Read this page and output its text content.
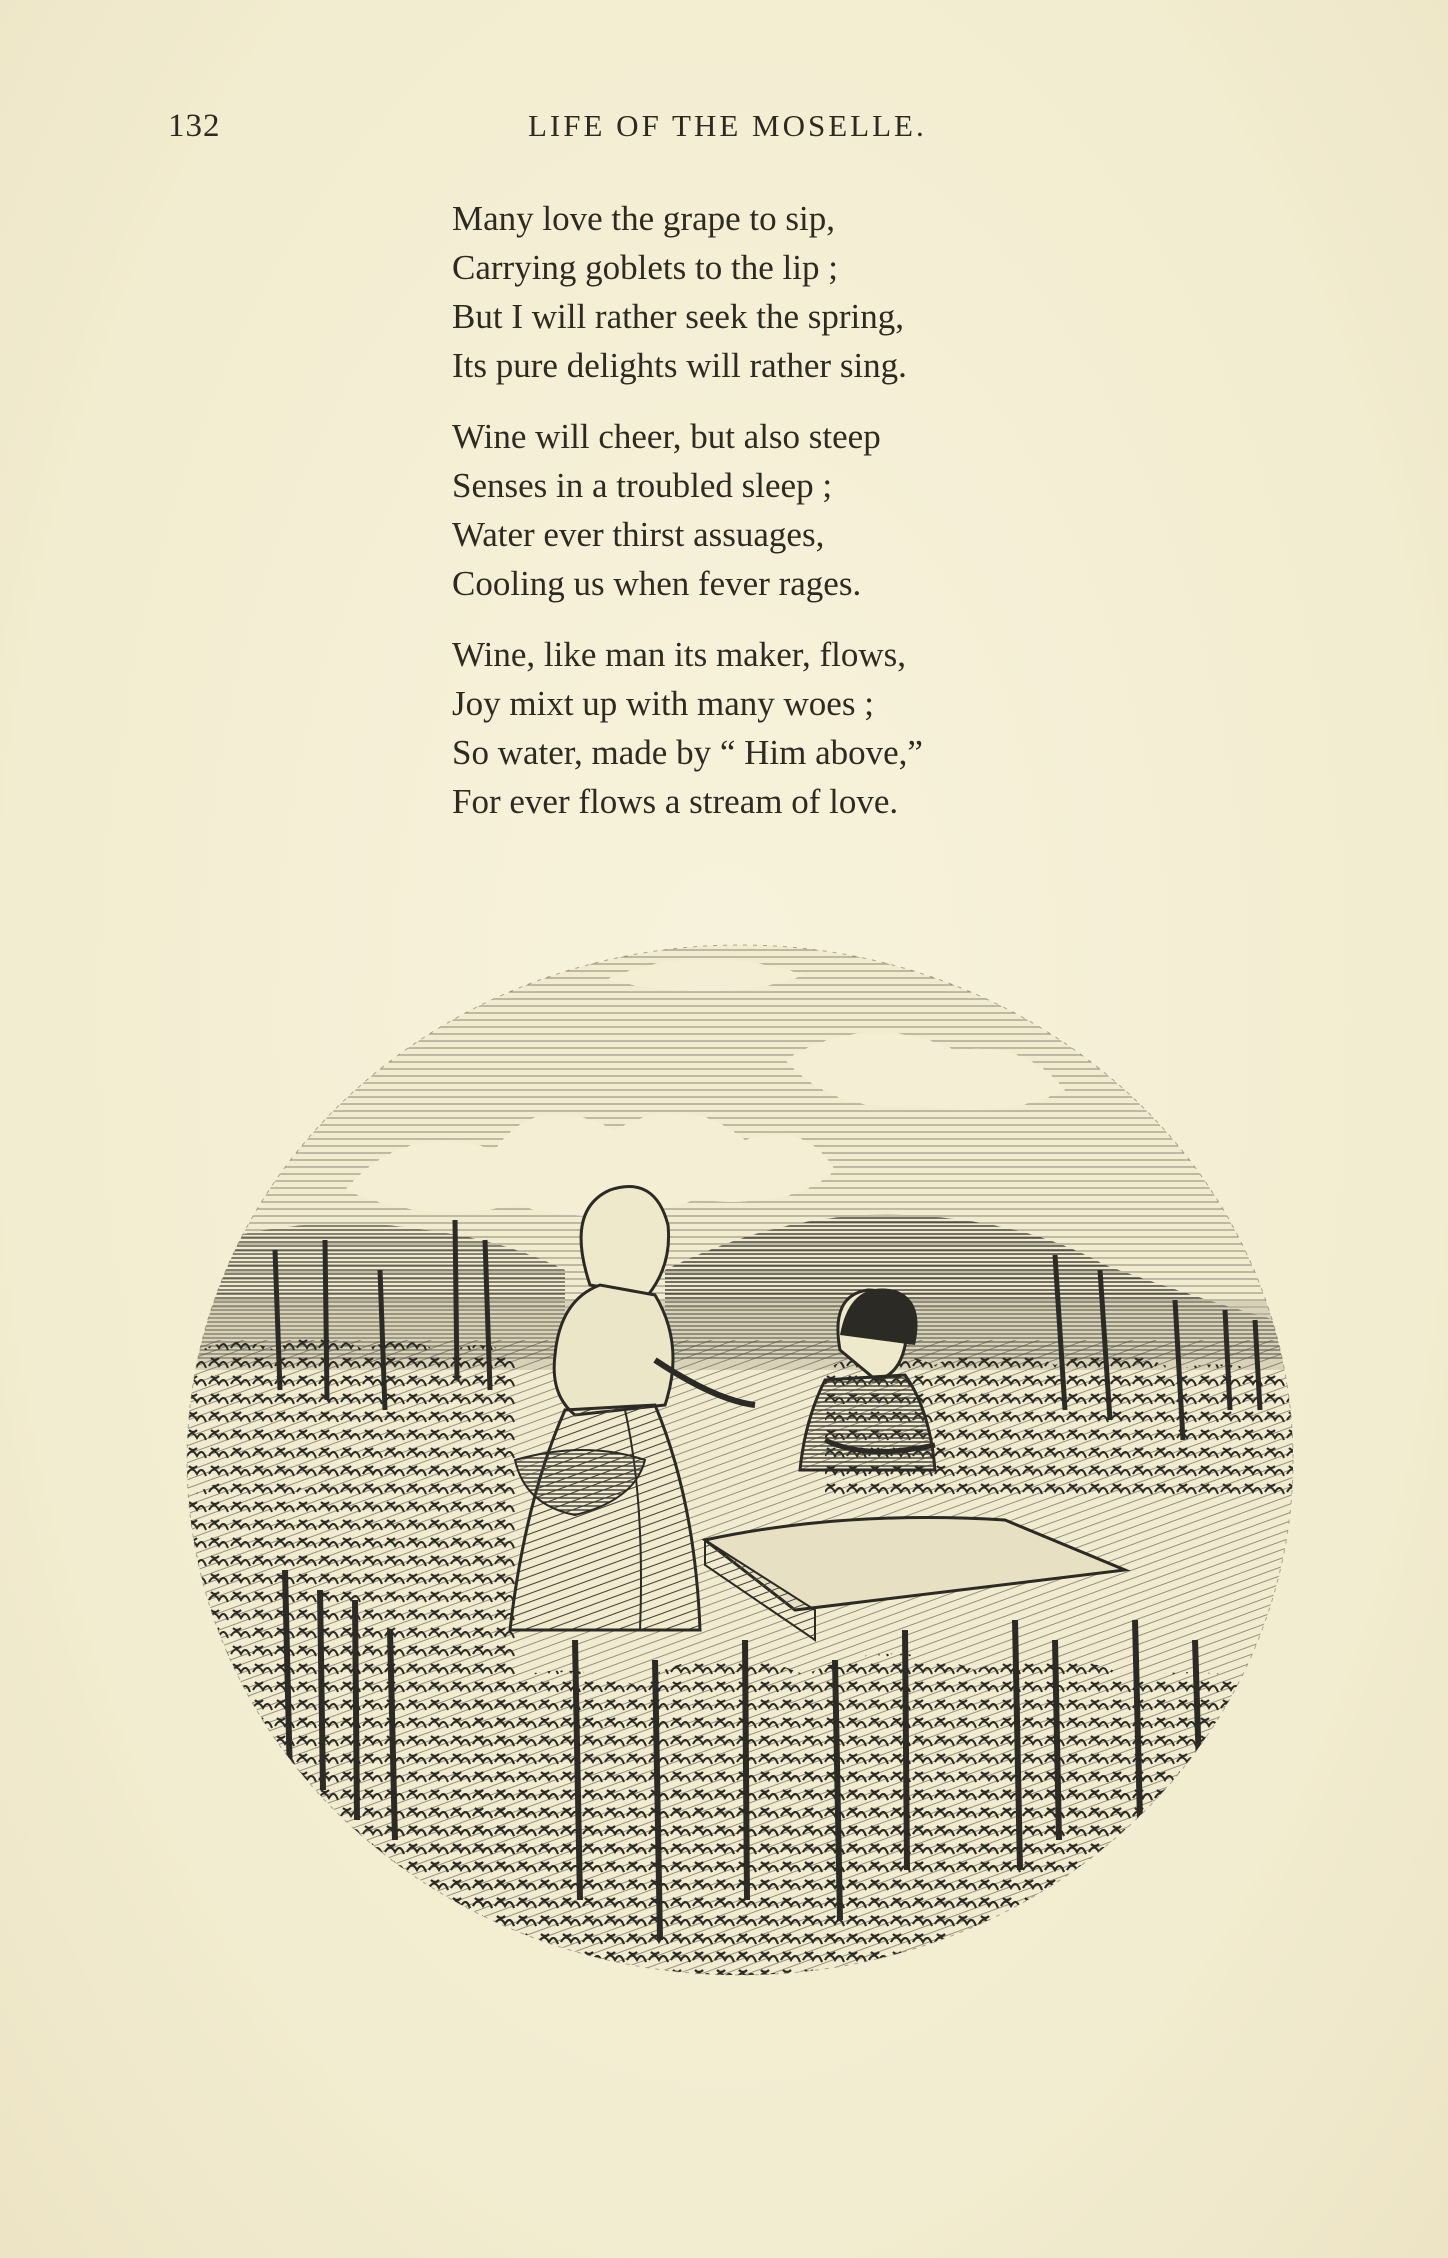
132	LIFE OF THE MOSELLE.
Many love the grape to sip,
Carrying goblets to the lip ;
But I will rather seek the spring,
Its pure delights will rather sing.
Wine will cheer, but also steep
Senses in a troubled sleep ;
Water ever thirst assuages,
Cooling us when fever rages.
Wine, like man its maker, flows,
Joy mixt up with many woes ;
So water, made by “ Him above,”
For ever flows a stream of love.
